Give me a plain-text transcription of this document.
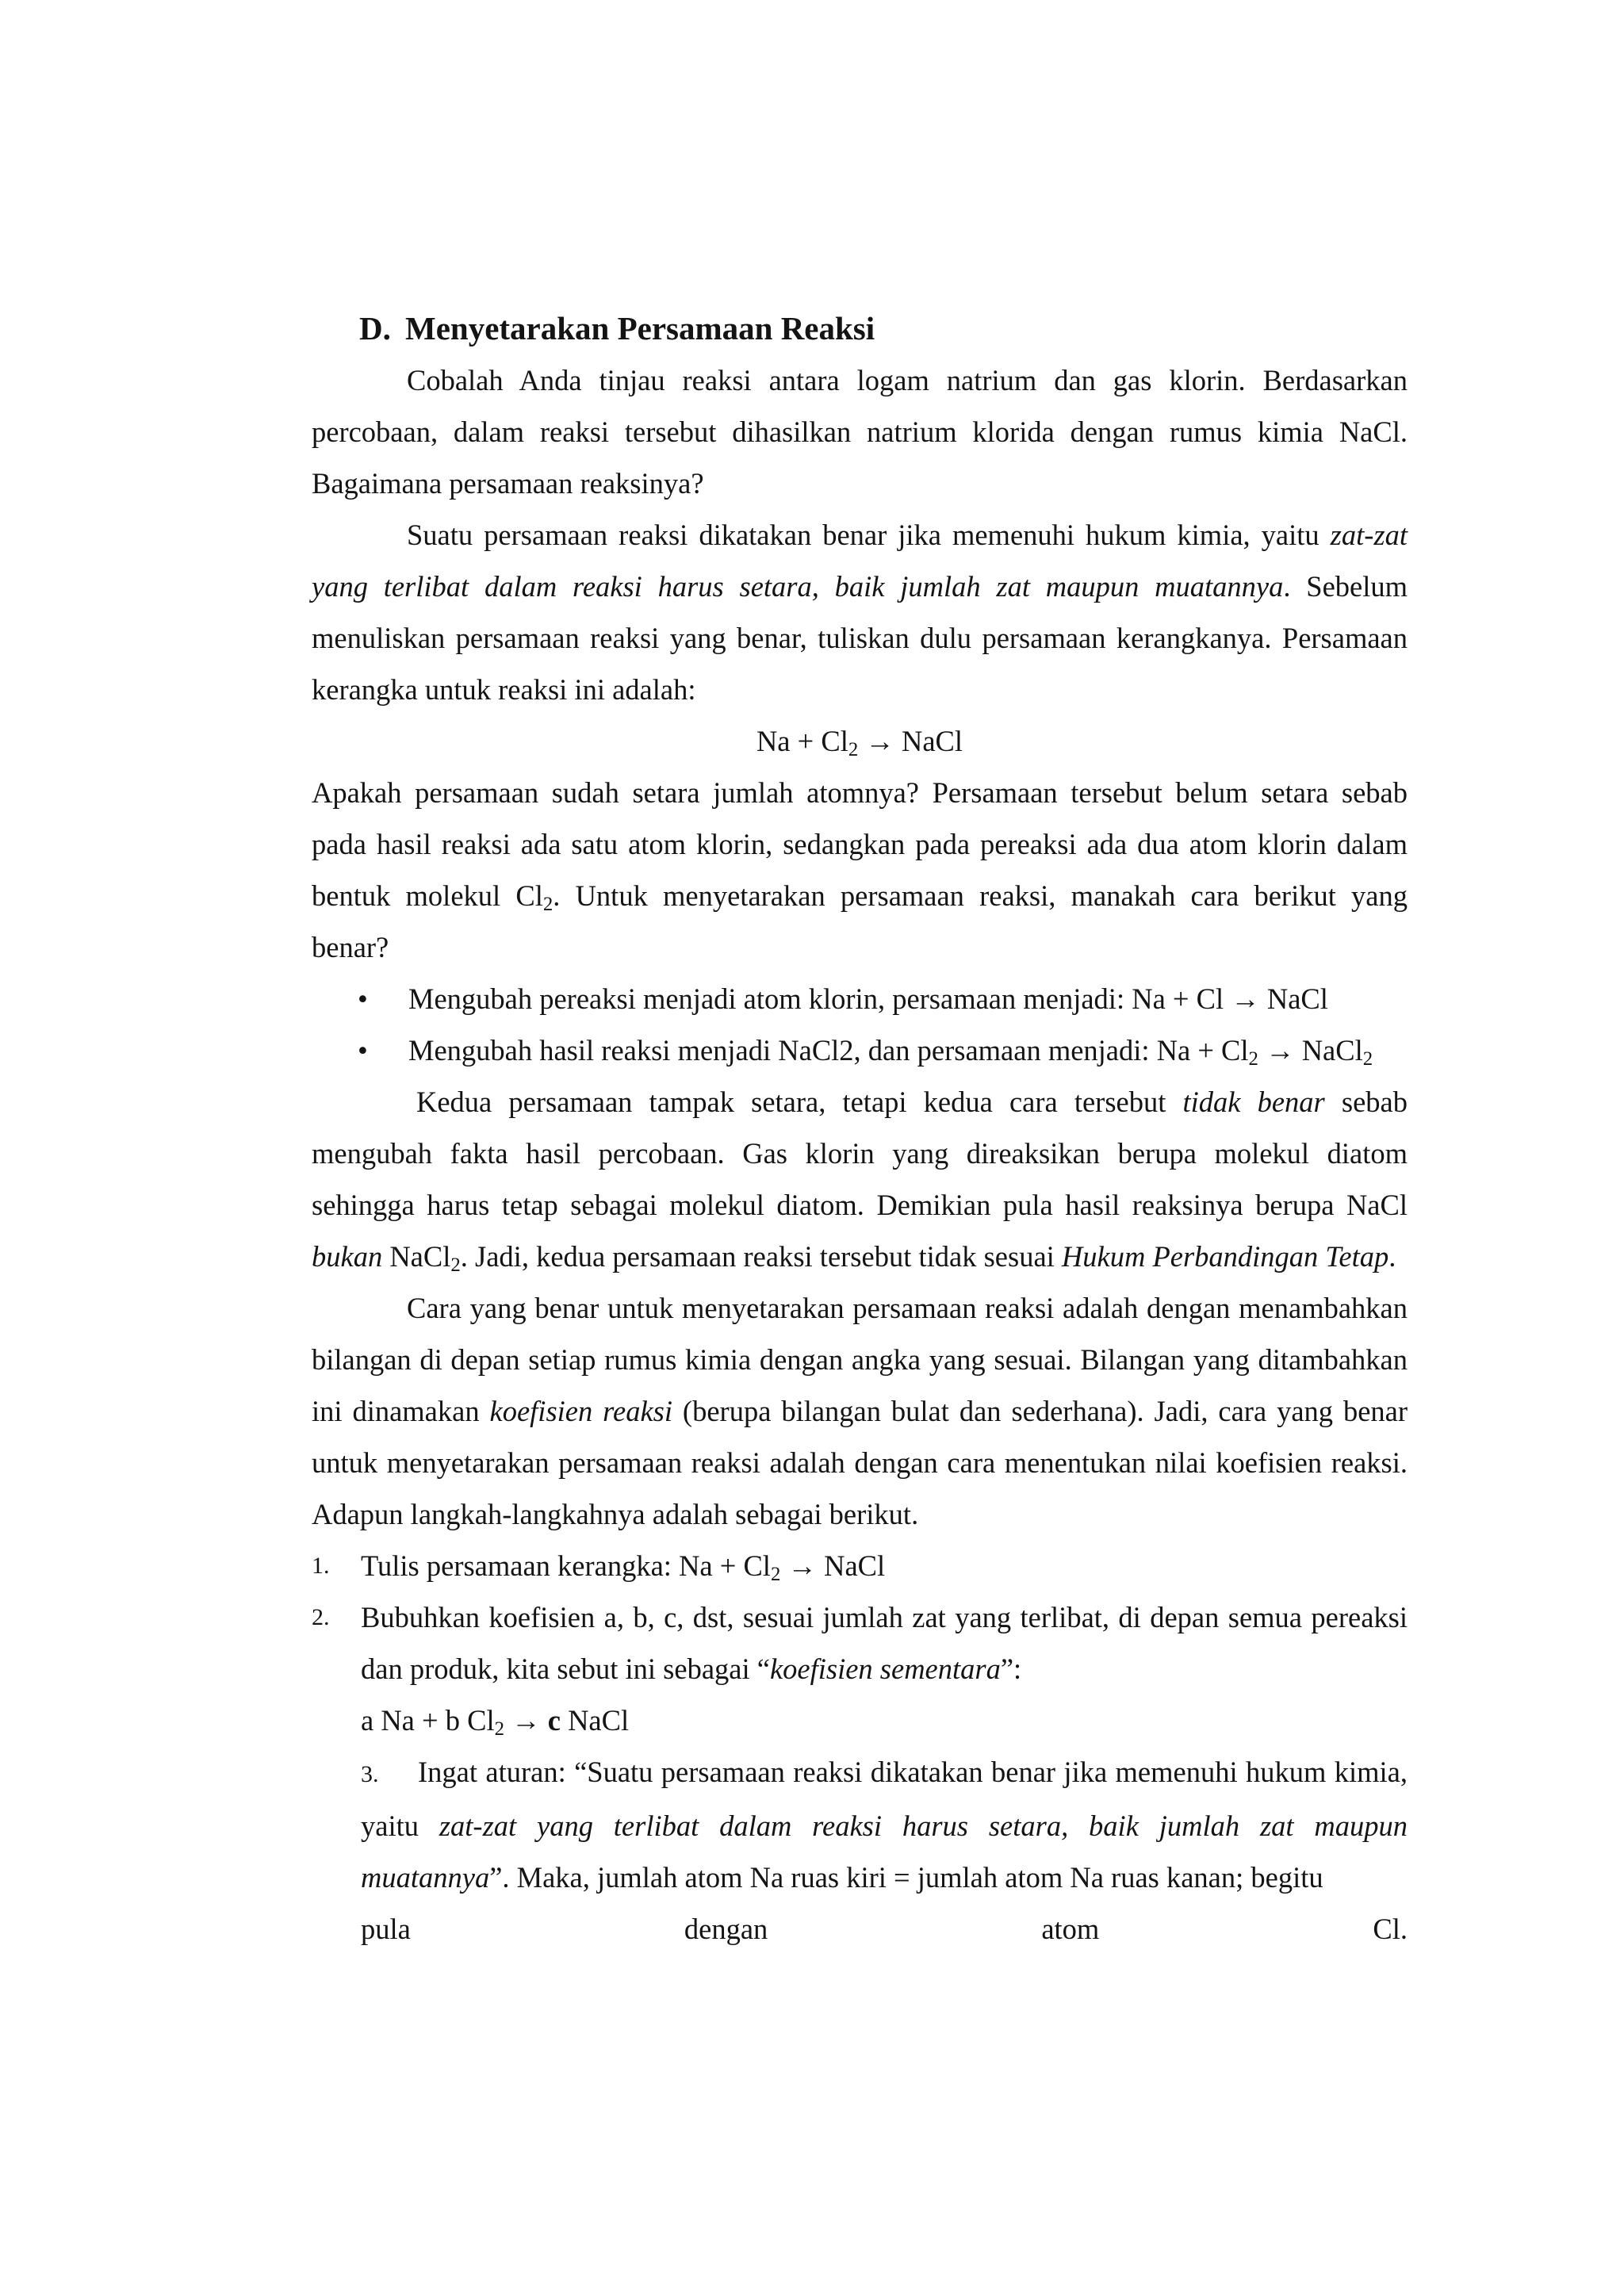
D. Menyetarakan Persamaan Reaksi

Cobalah Anda tinjau reaksi antara logam natrium dan gas klorin. Berdasarkan percobaan, dalam reaksi tersebut dihasilkan natrium klorida dengan rumus kimia NaCl. Bagaimana persamaan reaksinya?

Suatu persamaan reaksi dikatakan benar jika memenuhi hukum kimia, yaitu zat-zat yang terlibat dalam reaksi harus setara, baik jumlah zat maupun muatannya. Sebelum menuliskan persamaan reaksi yang benar, tuliskan dulu persamaan kerangkanya. Persamaan kerangka untuk reaksi ini adalah:

$Na + Cl_2$ → NaCl

Apakah persamaan sudah setara jumlah atomnya? Persamaan tersebut belum setara sebab pada hasil reaksi ada satu atom klorin, sedangkan pada pereaksi ada dua atom klorin dalam bentuk molekul $Cl_2$. Untuk menyetarakan persamaan reaksi, manakah cara berikut yang benar?

• Mengubah pereaksi menjadi atom klorin, persamaan menjadi: Na + Cl → NaCl
• Mengubah hasil reaksi menjadi NaCl2, dan persamaan menjadi: $Na + Cl_2$ → NaCl$_2$

Kedua persamaan tampak setara, tetapi kedua cara tersebut tidak benar sebab mengubah fakta hasil percobaan. Gas klorin yang direaksikan berupa molekul diatom sehingga harus tetap sebagai molekul diatom. Demikian pula hasil reaksinya berupa NaCl bukan NaCl$_2$. Jadi, kedua persamaan reaksi tersebut tidak sesuai Hukum Perbandingan Tetap.

Cara yang benar untuk menyetarakan persamaan reaksi adalah dengan menambahkan bilangan di depan setiap rumus kimia dengan angka yang sesuai. Bilangan yang ditambahkan ini dinamakan koefisien reaksi (berupa bilangan bulat dan sederhana). Jadi, cara yang benar untuk menyetarakan persamaan reaksi adalah dengan cara menentukan nilai koefisien reaksi. Adapun langkah-langkahnya adalah sebagai berikut.

1. Tulis persamaan kerangka: $Na + Cl_2$ → NaCl
2. Bubuhkan koefisien a, b, c, dst, sesuai jumlah zat yang terlibat, di depan semua pereaksi dan produk, kita sebut ini sebagai “koefisien sementara”:
a Na + b $Cl_2 \to c$ NaCl
3. Ingat aturan: “Suatu persamaan reaksi dikatakan benar jika memenuhi hukum kimia, yaitu zat-zat yang terlibat dalam reaksi harus setara, baik jumlah zat maupun muatannya”. Maka, jumlah atom Na ruas kiri = jumlah atom Na ruas kanan; begitu
pula	dengan	atom	Cl.
